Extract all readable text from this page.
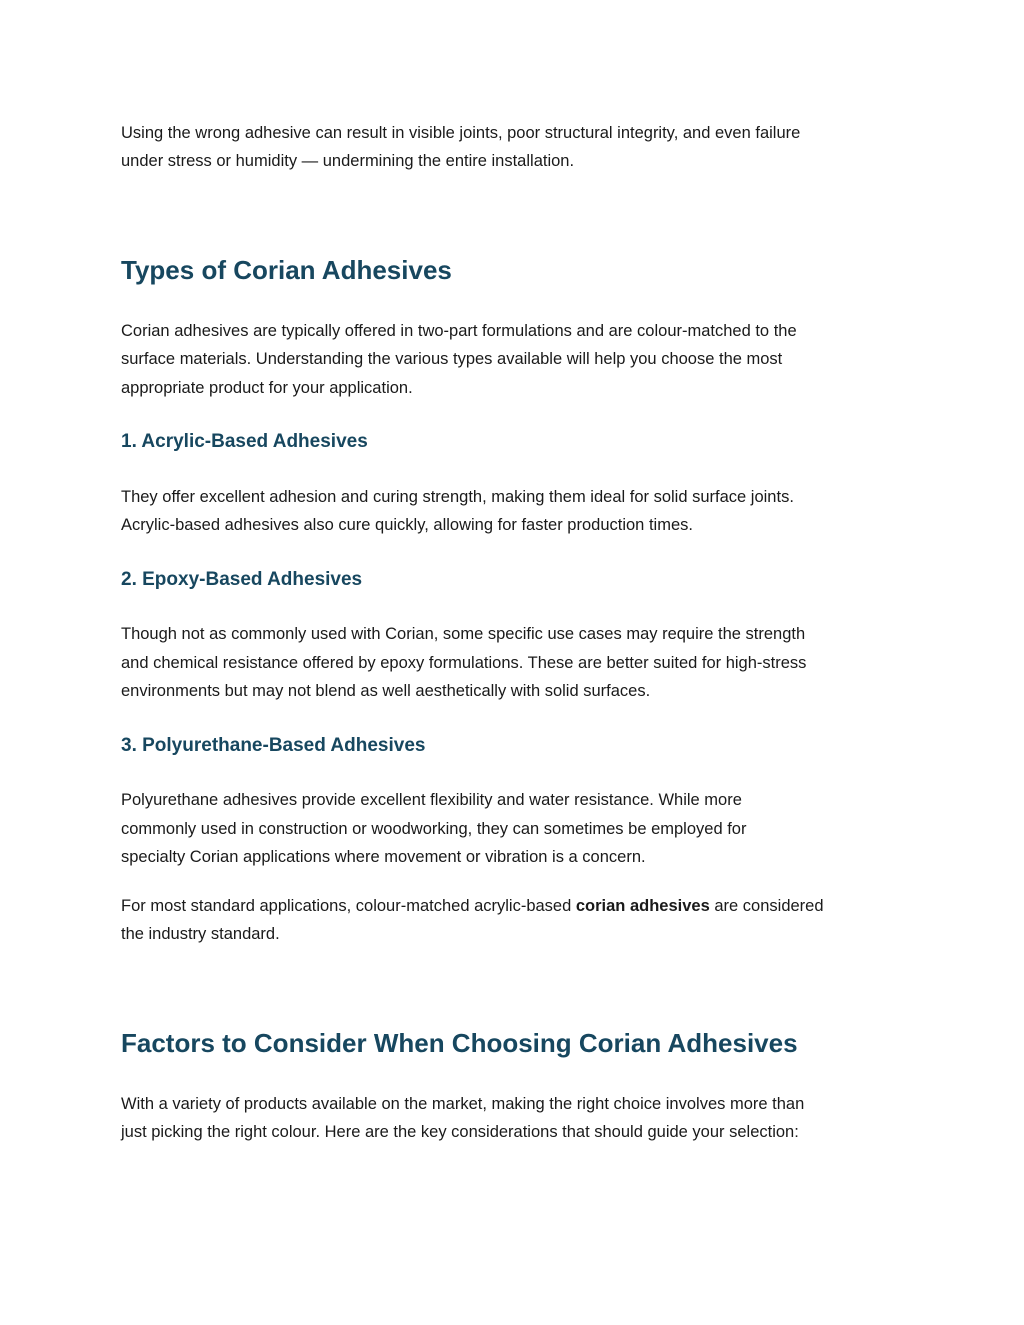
Using the wrong adhesive can result in visible joints, poor structural integrity, and even failure
under stress or humidity — undermining the entire installation.
Types of Corian Adhesives
Corian adhesives are typically offered in two-part formulations and are colour-matched to the
surface materials. Understanding the various types available will help you choose the most
appropriate product for your application.
1. Acrylic-Based Adhesives
They offer excellent adhesion and curing strength, making them ideal for solid surface joints.
Acrylic-based adhesives also cure quickly, allowing for faster production times.
2. Epoxy-Based Adhesives
Though not as commonly used with Corian, some specific use cases may require the strength
and chemical resistance offered by epoxy formulations. These are better suited for high-stress
environments but may not blend as well aesthetically with solid surfaces.
3. Polyurethane-Based Adhesives
Polyurethane adhesives provide excellent flexibility and water resistance. While more
commonly used in construction or woodworking, they can sometimes be employed for
specialty Corian applications where movement or vibration is a concern.
For most standard applications, colour-matched acrylic-based corian adhesives are considered
the industry standard.
Factors to Consider When Choosing Corian Adhesives
With a variety of products available on the market, making the right choice involves more than
just picking the right colour. Here are the key considerations that should guide your selection:
